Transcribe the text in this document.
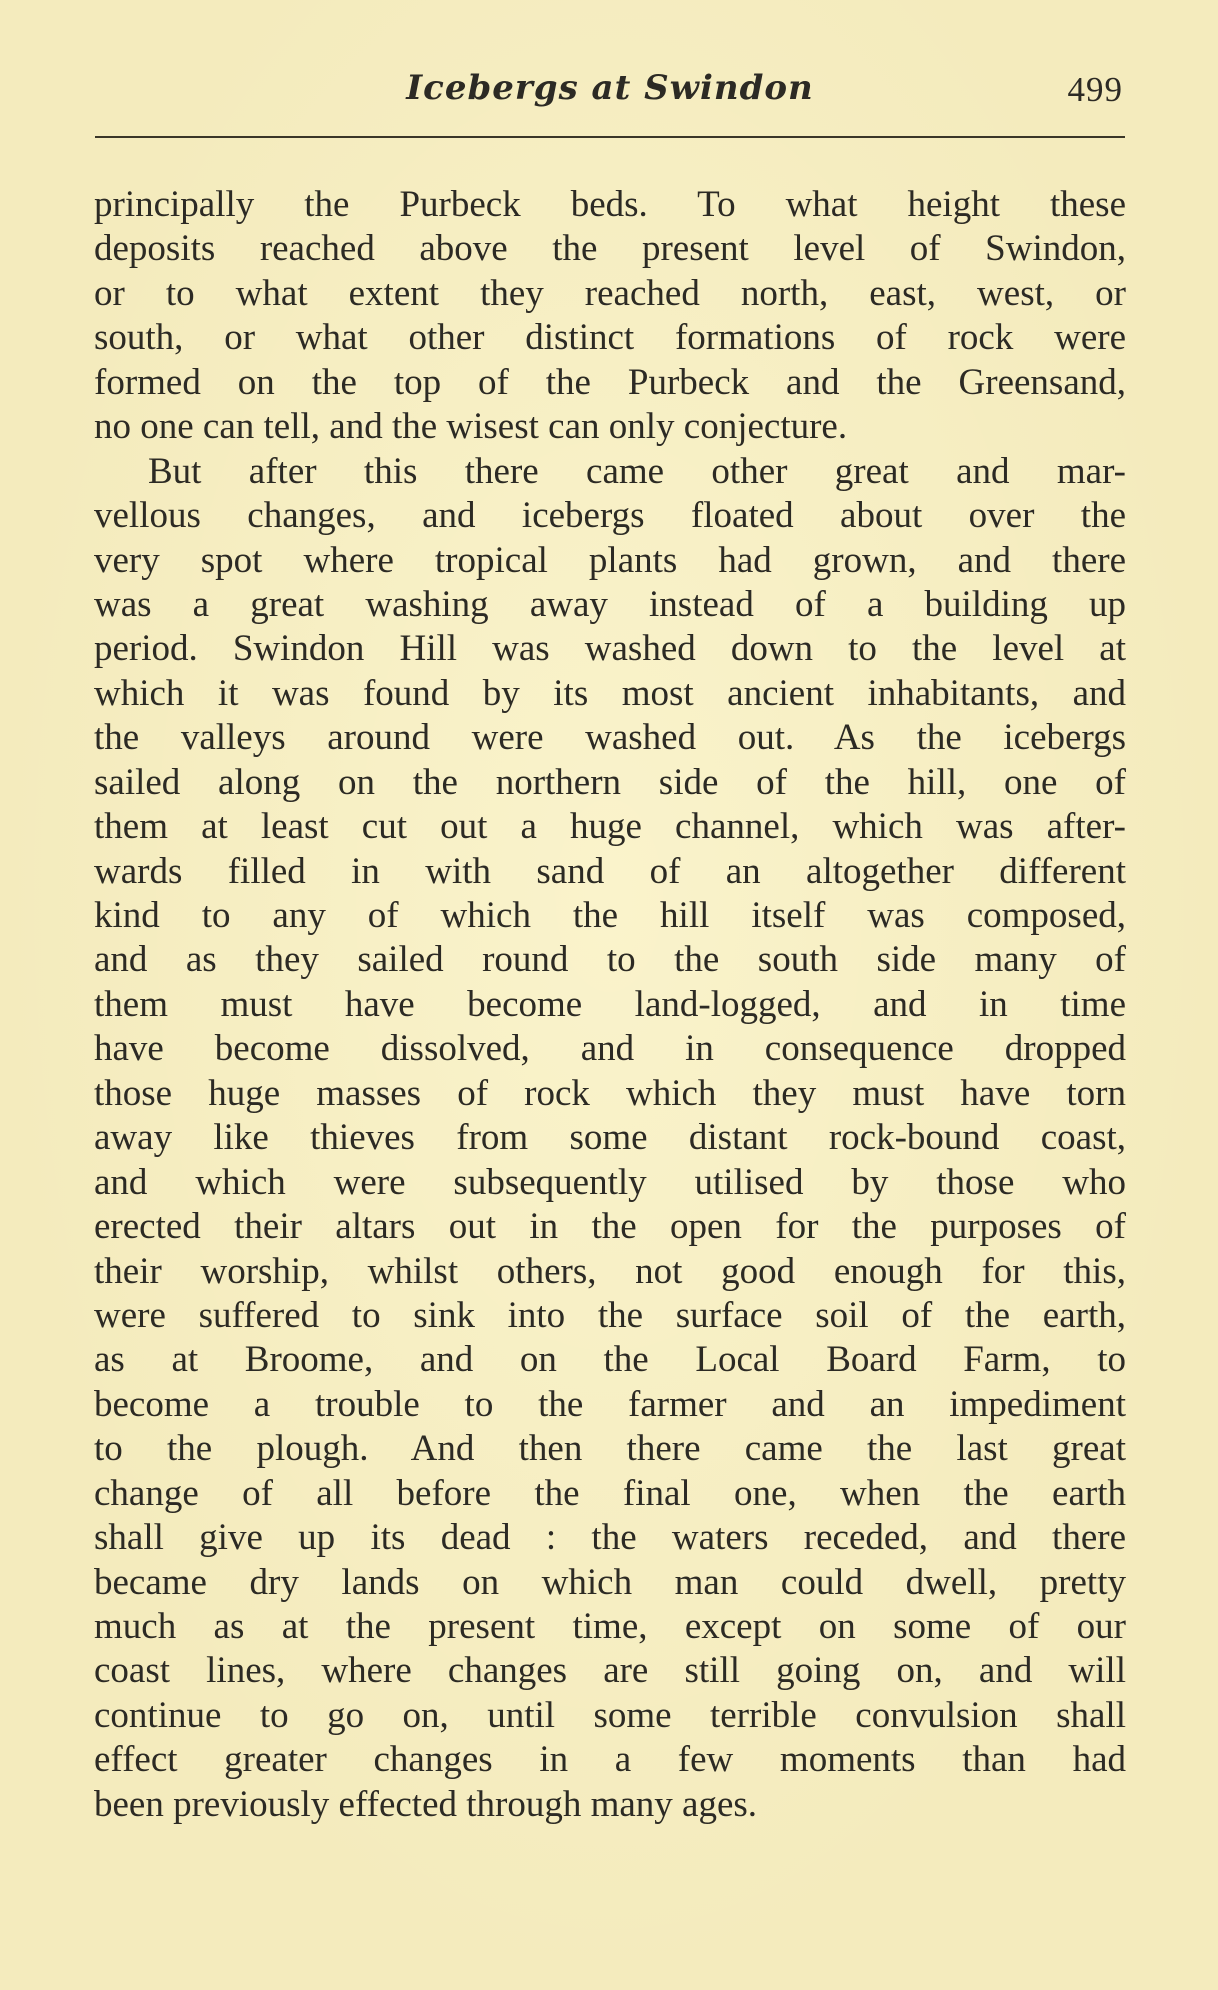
Icebergs at Swindon	499
principally the Purbeck beds. To what height these
deposits reached above the present level of Swindon,
or to what extent they reached north, east, west, or
south, or what other distinct formations of rock were
formed on the top of the Purbeck and the Greensand,
no one can tell, and the wisest can only conjecture.
But after this there came other great and mar-
vellous changes, and icebergs floated about over the
very spot where tropical plants had grown, and there
was a great washing away instead of a building up
period. Swindon Hill was washed down to the level at
which it was found by its most ancient inhabitants, and
the valleys around were washed out. As the icebergs
sailed along on the northern side of the hill, one of
them at least cut out a huge channel, which was after-
wards filled in with sand of an altogether different
kind to any of which the hill itself was composed,
and as they sailed round to the south side many of
them must have become land-logged, and in time
have become dissolved, and in consequence dropped
those huge masses of rock which they must have torn
away like thieves from some distant rock-bound coast,
and which were subsequently utilised by those who
erected their altars out in the open for the purposes of
their worship, whilst others, not good enough for this,
were suffered to sink into the surface soil of the earth,
as at Broome, and on the Local Board Farm, to
become a trouble to the farmer and an impediment
to the plough. And then there came the last great
change of all before the final one, when the earth
shall give up its dead : the waters receded, and there
became dry lands on which man could dwell, pretty
much as at the present time, except on some of our
coast lines, where changes are still going on, and will
continue to go on, until some terrible convulsion shall
effect greater changes in a few moments than had
been previously effected through many ages.
